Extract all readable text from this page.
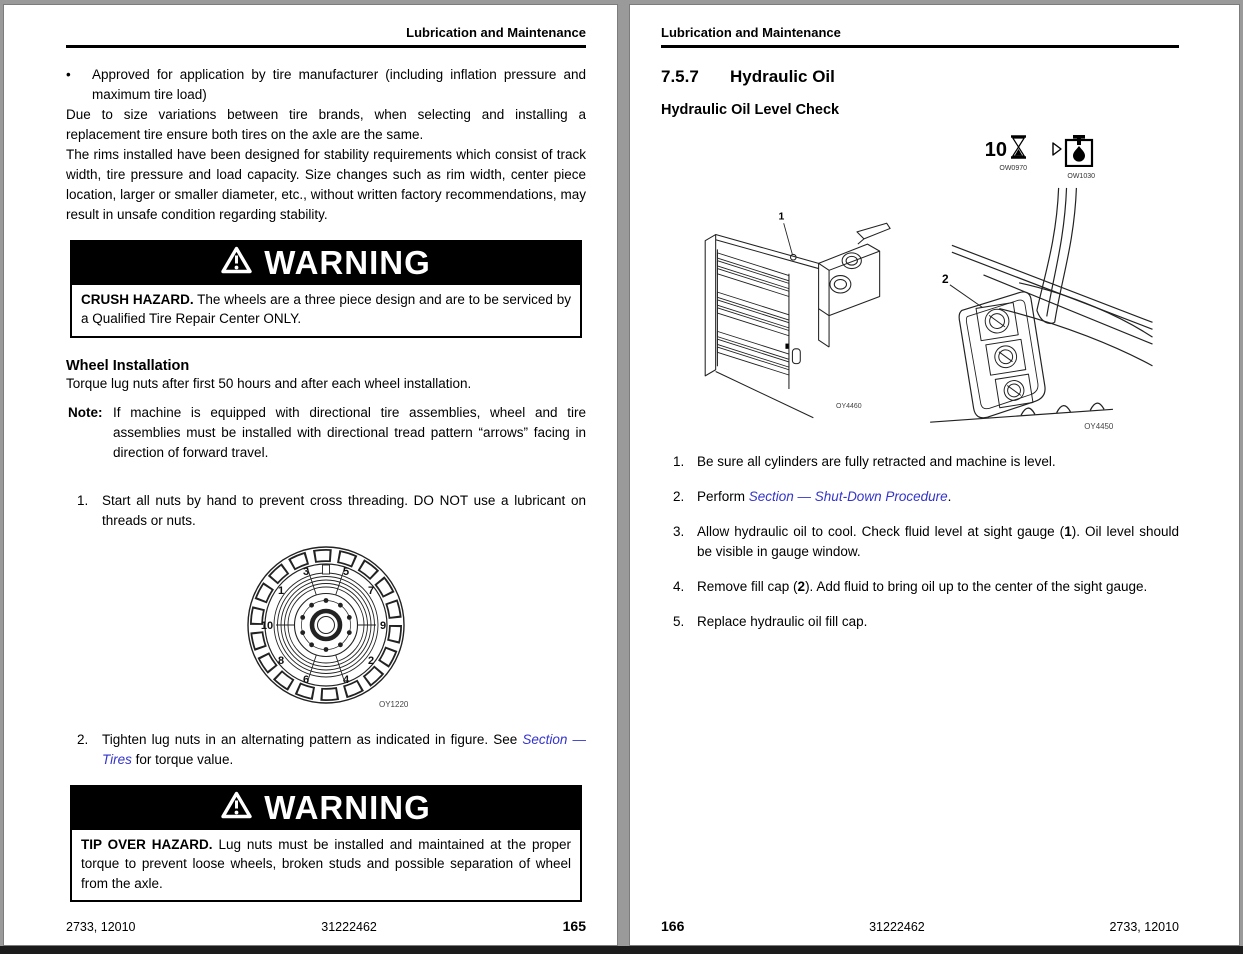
Lubrication and Maintenance
•	Approved for application by tire manufacturer (including inflation pressure and maximum tire load)

Due to size variations between tire brands, when selecting and installing a replacement tire ensure both tires on the axle are the same.

The rims installed have been designed for stability requirements which consist of track width, tire pressure and load capacity. Size changes such as rim width, center piece location, larger or smaller diameter, etc., without written factory recommendations, may result in unsafe condition regarding stability.

WARNING
CRUSH HAZARD. The wheels are a three piece design and are to be serviced by a Qualified Tire Repair Center ONLY.
Wheel Installation

Torque lug nuts after first 50 hours and after each wheel installation.

Note: If machine is equipped with directional tire assemblies, wheel and tire assemblies must be installed with directional tread pattern “arrows” facing in direction of forward travel.
1. Start all nuts by hand to prevent cross threading. DO NOT use a lubricant on threads or nuts.
1
2
3
4
5
6
7
8
9
10
OY1220
2. Tighten lug nuts in an alternating pattern as indicated in figure. See Section — Tires for torque value.
WARNING
TIP OVER HAZARD. Lug nuts must be installed and maintained at the proper torque to prevent loose wheels, broken studs and possible separation of wheel from the axle.
2733, 12010	31222462	165
Lubrication and Maintenance
7.5.7	Hydraulic Oil
Hydraulic Oil Level Check
10
OW0970
OW1030
1
OY4460
2
OY4450
1. Be sure all cylinders are fully retracted and machine is level.
2. Perform Section — Shut-Down Procedure.
3. Allow hydraulic oil to cool. Check fluid level at sight gauge (1). Oil level should be visible in gauge window.
4. Remove fill cap (2). Add fluid to bring oil up to the center of the sight gauge.
5. Replace hydraulic oil fill cap.
166	31222462	2733, 12010
